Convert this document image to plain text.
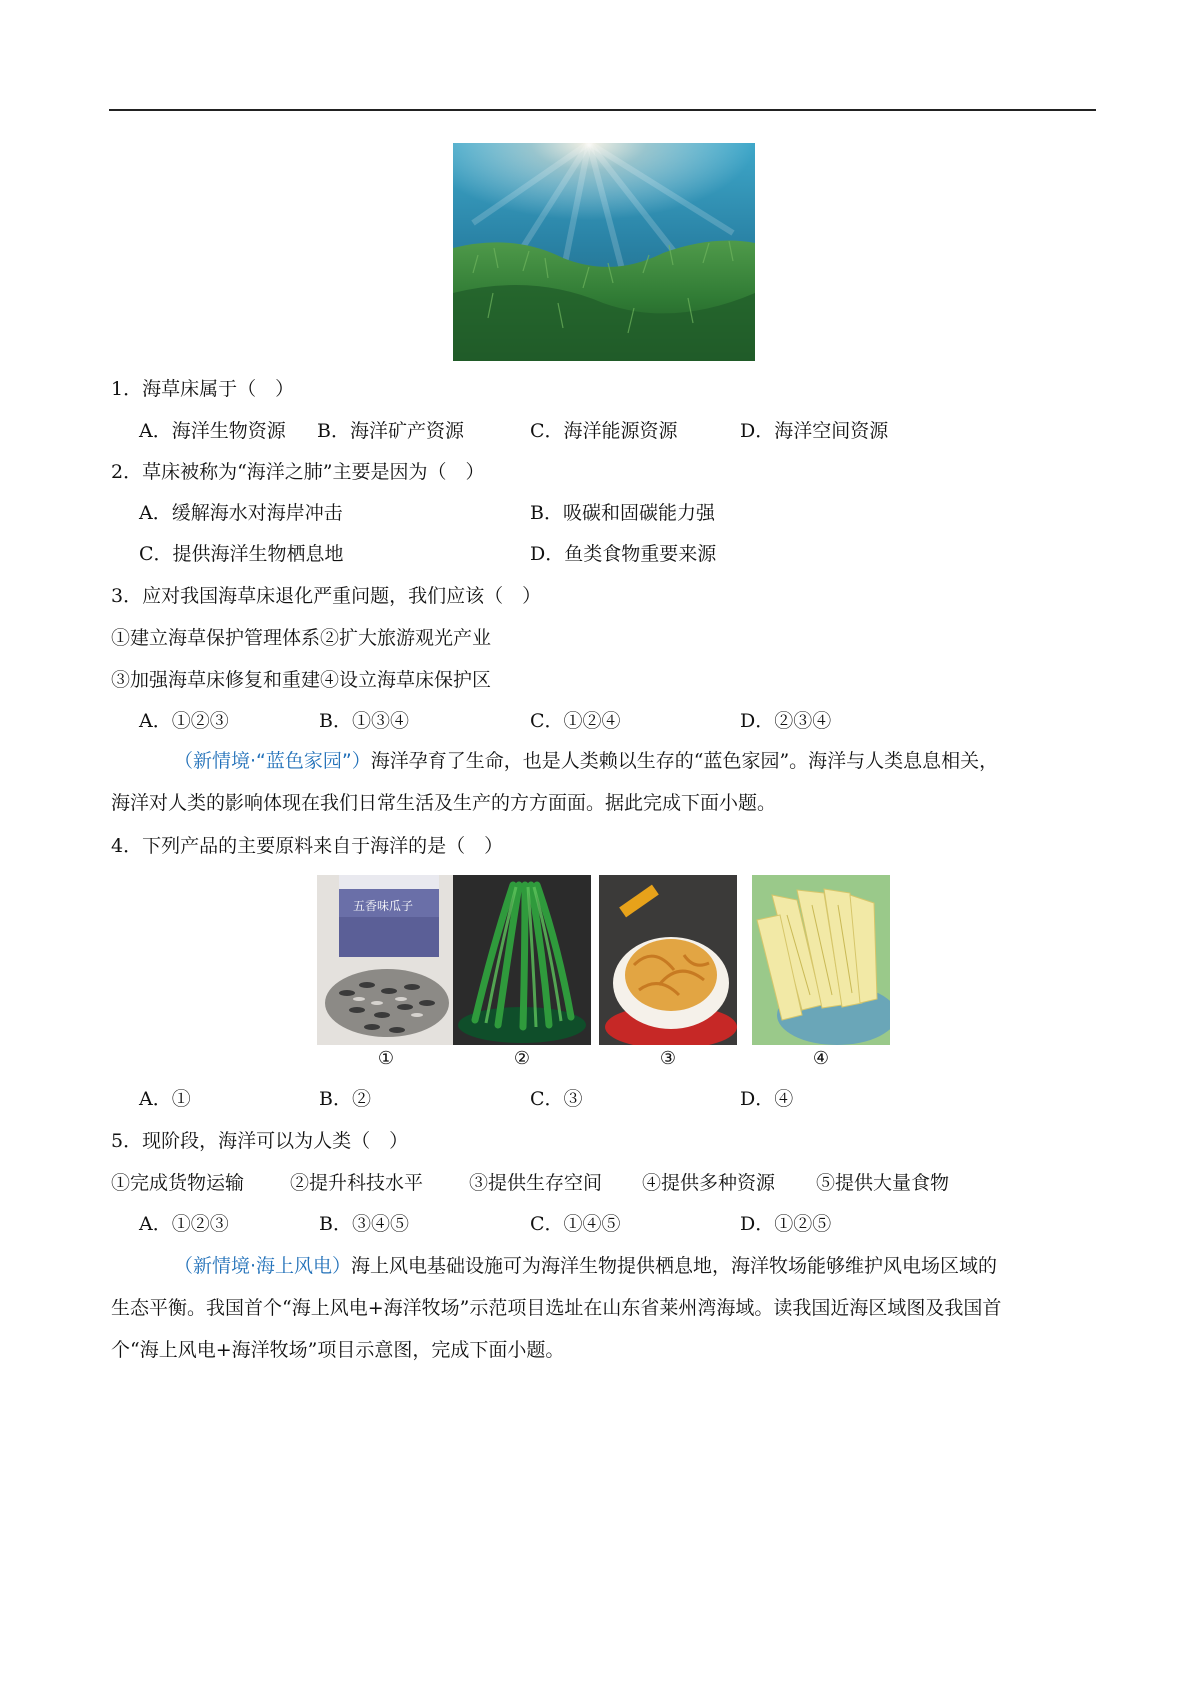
1．海草床属于（　）
A．海洋生物资源 B．海洋矿产资源	C．海洋能源资源	D．海洋空间资源
2．草床被称为“海洋之肺”主要是因为（　）
A．缓解海水对海岸冲击	B．吸碳和固碳能力强
C．提供海洋生物栖息地	D．鱼类食物重要来源
3．应对我国海草床退化严重问题，我们应该（　）
①建立海草保护管理体系②扩大旅游观光产业
③加强海草床修复和重建④设立海草床保护区
A．①②③	B．①③④	C．①②④	D．②③④
（新情境·“蓝色家园”）海洋孕育了生命，也是人类赖以生存的“蓝色家园”。海洋与人类息息相关，
海洋对人类的影响体现在我们日常生活及生产的方方面面。据此完成下面小题。
4．下列产品的主要原料来自于海洋的是（　）
五香味瓜子
①	②	③	④
A．①	B．②	C．③	D．④
5．现阶段，海洋可以为人类（　）
①完成货物运输 ②提升科技水平 ③提供生存空间 ④提供多种资源 ⑤提供大量食物
A．①②③	B．③④⑤	C．①④⑤	D．①②⑤
（新情境·海上风电）海上风电基础设施可为海洋生物提供栖息地，海洋牧场能够维护风电场区域的
生态平衡。我国首个“海上风电+海洋牧场”示范项目选址在山东省莱州湾海域。读我国近海区域图及我国首
个“海上风电+海洋牧场”项目示意图，完成下面小题。
